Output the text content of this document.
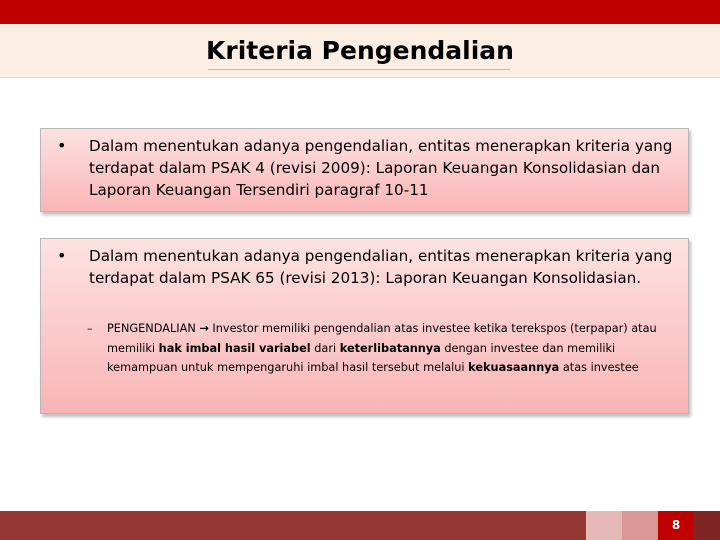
Kriteria Pengendalian
• Dalam menentukan adanya pengendalian, entitas menerapkan kriteria yang terdapat dalam PSAK 4 (revisi 2009): Laporan Keuangan Konsolidasian dan Laporan Keuangan Tersendiri paragraf 10-11
• Dalam menentukan adanya pengendalian, entitas menerapkan kriteria yang terdapat dalam PSAK 65 (revisi 2013): Laporan Keuangan Konsolidasian.
– PENGENDALIAN → Investor memiliki pengendalian atas investee ketika terekspos (terpapar) atau memiliki hak imbal hasil variabel dari keterlibatannya dengan investee dan memiliki kemampuan untuk mempengaruhi imbal hasil tersebut melalui kekuasaannya atas investee
8
